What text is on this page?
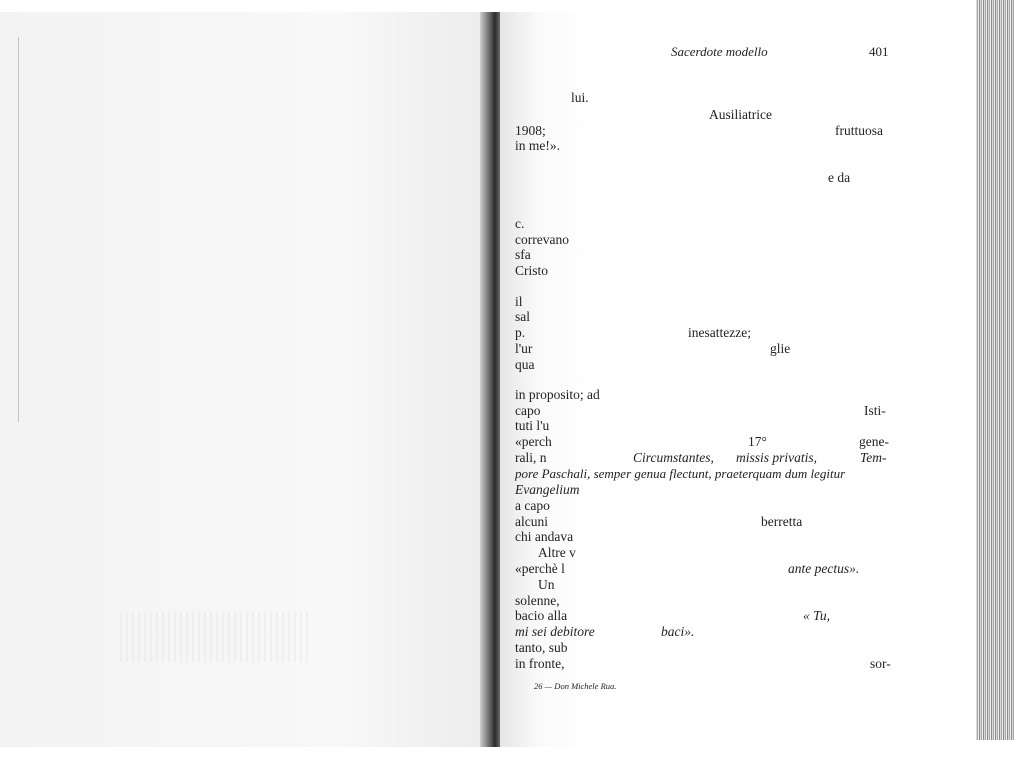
Sacerdote modello	401
lui.
Ausiliatrice
1908;	fruttuosa
in me!».
e da
c.
correvano
sfa
Cristo
il
sal
p.	inesattezze;
l'ur	glie
qua
in proposito; ad
capo	Isti-
tuti l'u
«perch	17°	gene-
rali, n	Circumstantes, missis privatis,	Tem-
pore Paschali, semper genua flectunt, praeterquam dum legitur
Evangelium
a capo
alcuni	berretta
chi andava
Altre v
«perchè l	ante pectus».
Un
solenne,
bacio alla	« Tu,
mi sei debitore	baci».
tanto, sub
in fronte,	sor-
26 — Don Michele Rua.
